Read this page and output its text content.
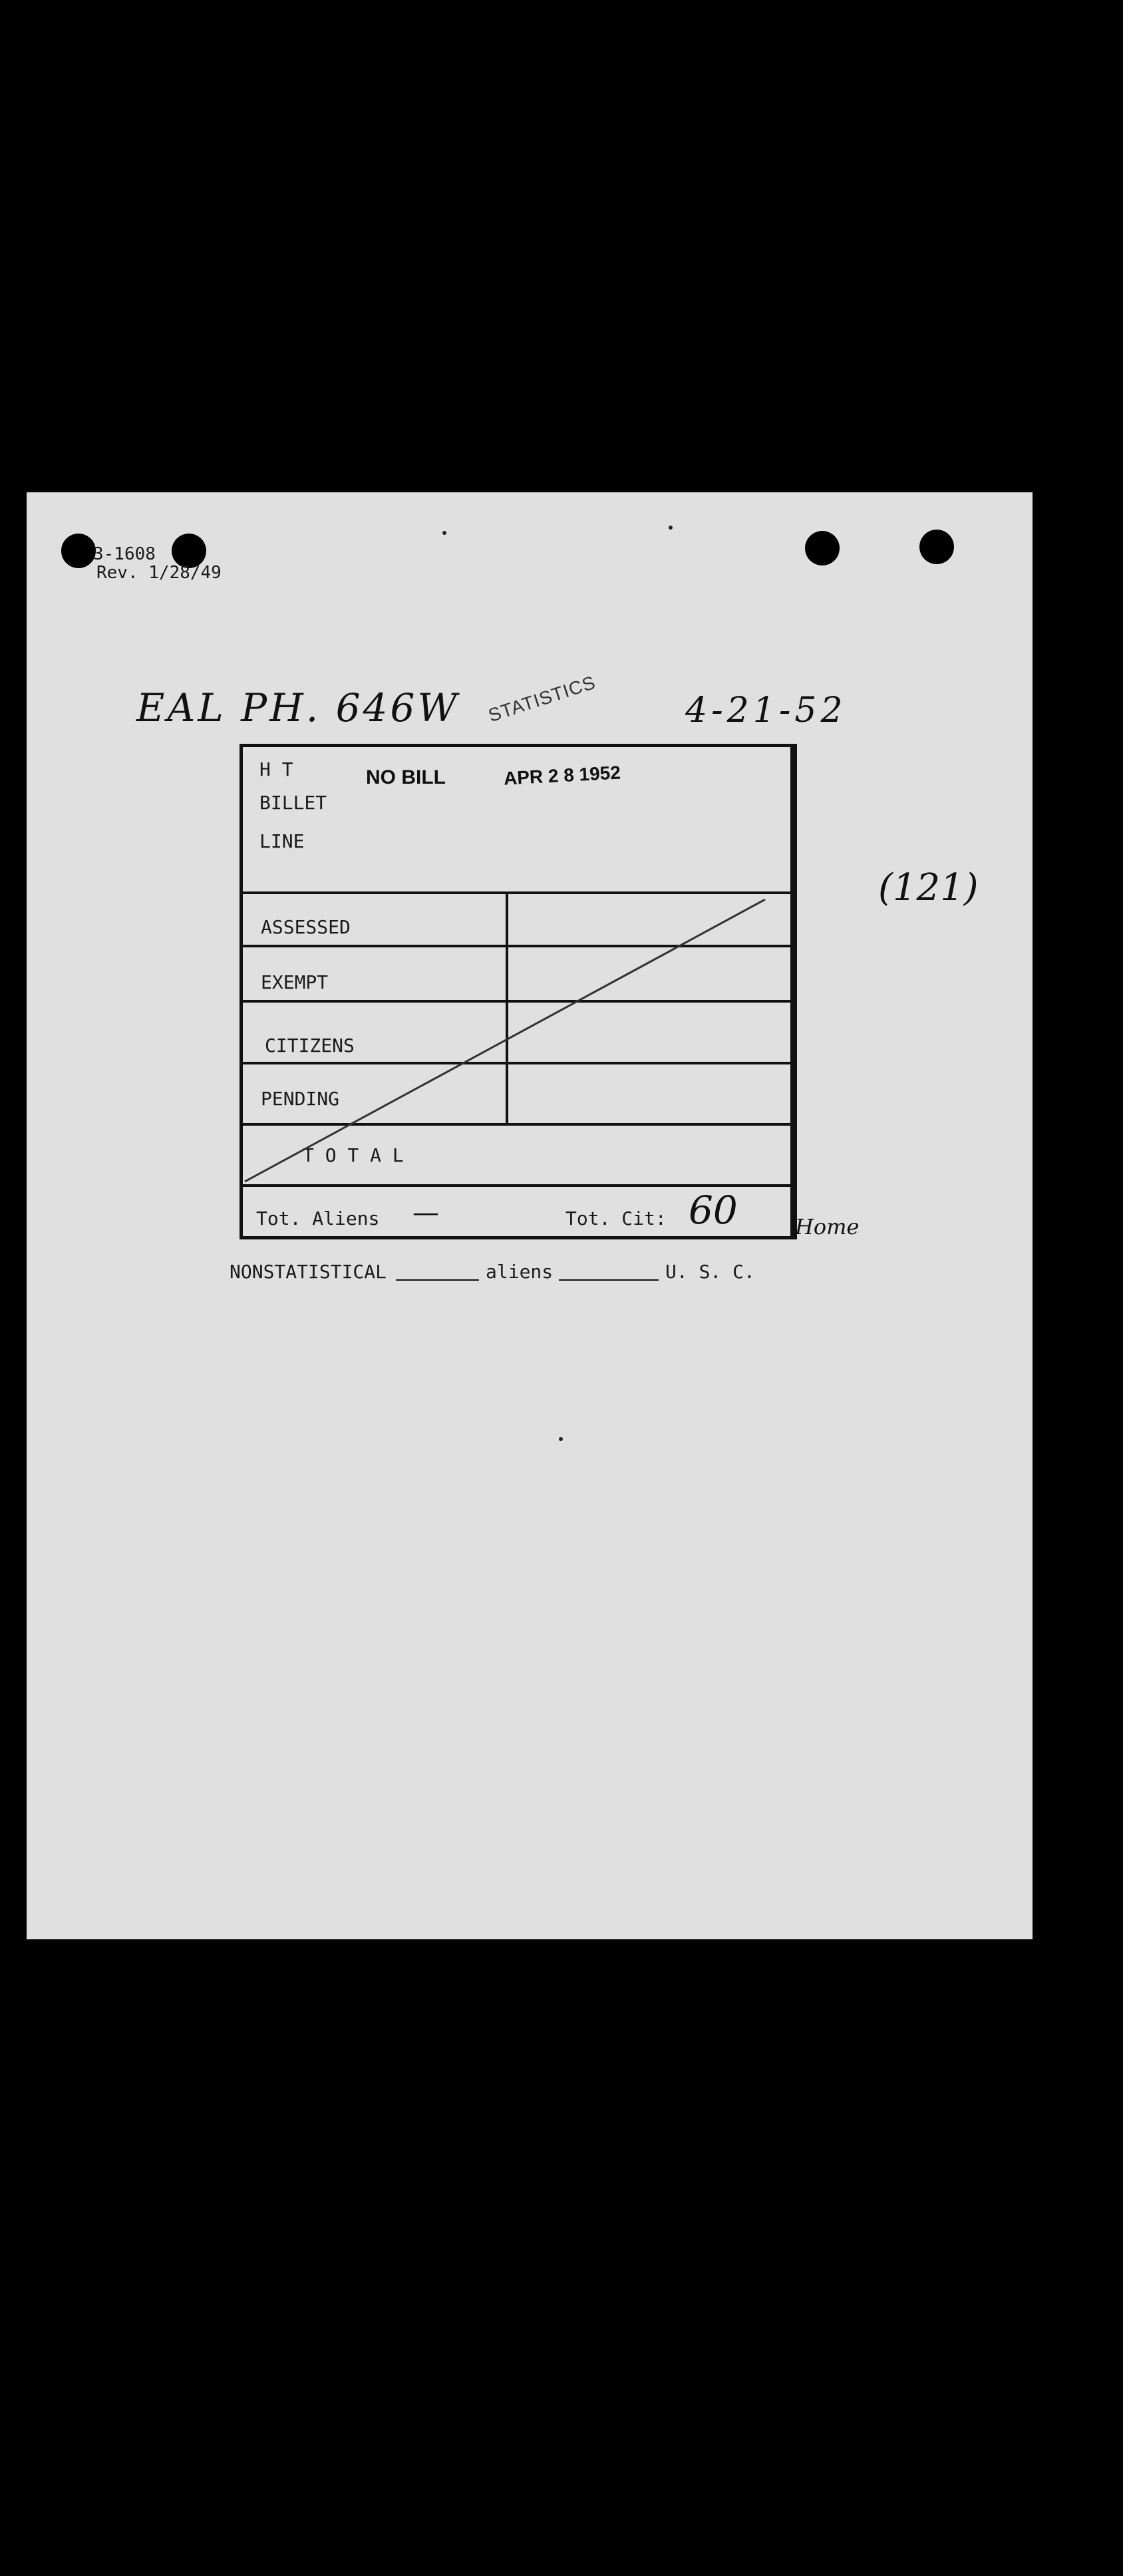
3-1608
Rev. 1/28/49
EAL PH. 646W STATISTICS	4-21-52
(121)
H T
BILLET
LINE
NO BILL	APR 2 8 1952
ASSESSED
EXEMPT
CITIZENS
PENDING
T O T A L
Tot. Aliens —	Tot. Cit: 60	Home
NONSTATISTICAL	aliens	U. S. C.
